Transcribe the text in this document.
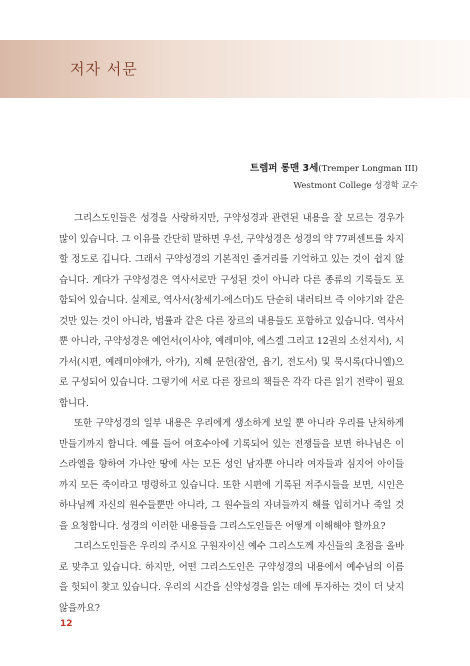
저자 서문
트렘퍼 롱맨 3세(Tremper Longman III)
Westmont College 성경학 교수

그리스도인들은 성경을 사랑하지만, 구약성경과 관련된 내용을 잘 모르는 경우가 많이 있습니다. 그 이유를 간단히 말하면 우선, 구약성경은 성경의 약 77퍼센트를 차지할 정도로 깁니다. 그래서 구약성경의 기본적인 줄거리를 기억하고 있는 것이 쉽지 않습니다. 게다가 구약성경은 역사서로만 구성된 것이 아니라 다른 종류의 기록들도 포함되어 있습니다. 실제로, 역사서(창세기-에스더)도 단순히 내러티브 즉 이야기와 같은 것만 있는 것이 아니라, 법률과 같은 다른 장르의 내용들도 포함하고 있습니다. 역사서뿐 아니라, 구약성경은 예언서(이사야, 예레미야, 에스겔 그리고 12권의 소선지서), 시가서(시편, 예레미야애가, 아가), 지혜 문헌(잠언, 욥기, 전도서) 및 묵시록(다니엘)으로 구성되어 있습니다. 그렇기에 서로 다른 장르의 책들은 각각 다른 읽기 전략이 필요합니다.

또한 구약성경의 일부 내용은 우리에게 생소하게 보일 뿐 아니라 우리를 난처하게 만들기까지 합니다. 예를 들어 여호수아에 기록되어 있는 전쟁들을 보면 하나님은 이스라엘을 향하여 가나안 땅에 사는 모든 성인 남자뿐 아니라 여자들과 심지어 아이들까지 모든 죽이라고 명령하고 있습니다. 또한 시편에 기록된 저주시들을 보면, 시인은 하나님께 자신의 원수들뿐만 아니라, 그 원수들의 자녀들까지 해를 입히거나 죽일 것을 요청합니다. 성경의 이러한 내용들을 그리스도인들은 어떻게 이해해야 할까요?

그리스도인들은 우리의 주시요 구원자이신 예수 그리스도께 자신들의 초점을 올바로 맞추고 있습니다. 하지만, 어떤 그리스도인은 구약성경의 내용에서 예수님의 이름을 헛되이 찾고 있습니다. 우리의 시간을 신약성경을 읽는 데에 투자하는 것이 더 낫지 않을까요?

12
